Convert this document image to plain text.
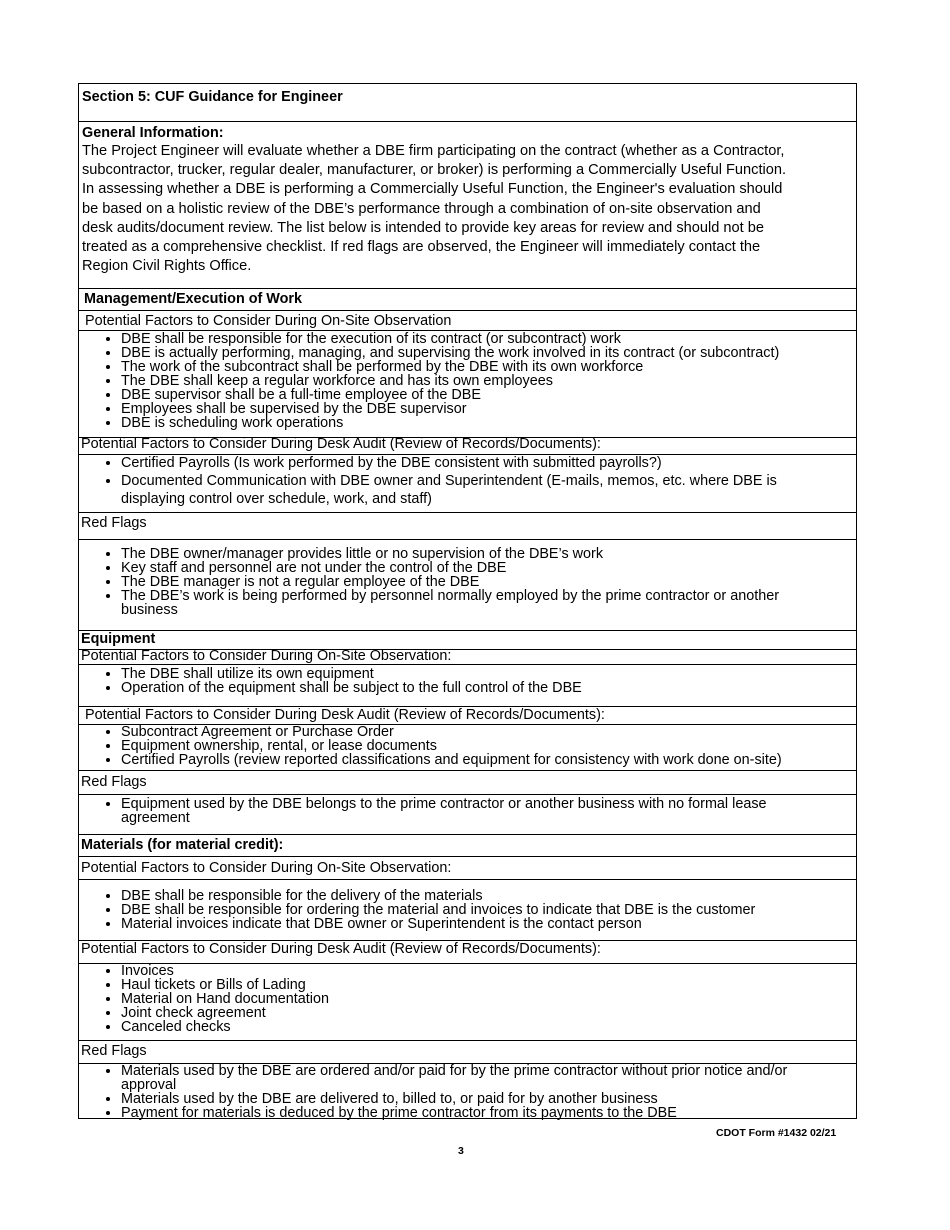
Section 5: CUF Guidance for Engineer
General Information:
The Project Engineer will evaluate whether a DBE firm participating on the contract (whether as a Contractor,
subcontractor, trucker, regular dealer, manufacturer, or broker) is performing a Commercially Useful Function.
In assessing whether a DBE is performing a Commercially Useful Function, the Engineer's evaluation should
be based on a holistic review of the DBE’s performance through a combination of on-site observation and
desk audits/document review. The list below is intended to provide key areas for review and should not be
treated as a comprehensive checklist. If red flags are observed, the Engineer will immediately contact the
Region Civil Rights Office.
Management/Execution of Work
Potential Factors to Consider During On-Site Observation
• DBE shall be responsible for the execution of its contract (or subcontract) work
• DBE is actually performing, managing, and supervising the work involved in its contract (or subcontract)
• The work of the subcontract shall be performed by the DBE with its own workforce
• The DBE shall keep a regular workforce and has its own employees
• DBE supervisor shall be a full-time employee of the DBE
• Employees shall be supervised by the DBE supervisor
• DBE is scheduling work operations
Potential Factors to Consider During Desk Audit (Review of Records/Documents):
• Certified Payrolls (Is work performed by the DBE consistent with submitted payrolls?)
• Documented Communication with DBE owner and Superintendent (E-mails, memos, etc. where DBE is
displaying control over schedule, work, and staff)
Red Flags
• The DBE owner/manager provides little or no supervision of the DBE’s work
• Key staff and personnel are not under the control of the DBE
• The DBE manager is not a regular employee of the DBE
• The DBE’s work is being performed by personnel normally employed by the prime contractor or another
business
Equipment
Potential Factors to Consider During On-Site Observation:
• The DBE shall utilize its own equipment
• Operation of the equipment shall be subject to the full control of the DBE
Potential Factors to Consider During Desk Audit (Review of Records/Documents):
• Subcontract Agreement or Purchase Order
• Equipment ownership, rental, or lease documents
• Certified Payrolls (review reported classifications and equipment for consistency with work done on-site)
Red Flags
• Equipment used by the DBE belongs to the prime contractor or another business with no formal lease
agreement
Materials (for material credit):
Potential Factors to Consider During On-Site Observation:
• DBE shall be responsible for the delivery of the materials
• DBE shall be responsible for ordering the material and invoices to indicate that DBE is the customer
• Material invoices indicate that DBE owner or Superintendent is the contact person
Potential Factors to Consider During Desk Audit (Review of Records/Documents):
• Invoices
• Haul tickets or Bills of Lading
• Material on Hand documentation
• Joint check agreement
• Canceled checks
Red Flags
• Materials used by the DBE are ordered and/or paid for by the prime contractor without prior notice and/or
approval
• Materials used by the DBE are delivered to, billed to, or paid for by another business
• Payment for materials is deduced by the prime contractor from its payments to the DBE
CDOT Form #1432 02/21
3
